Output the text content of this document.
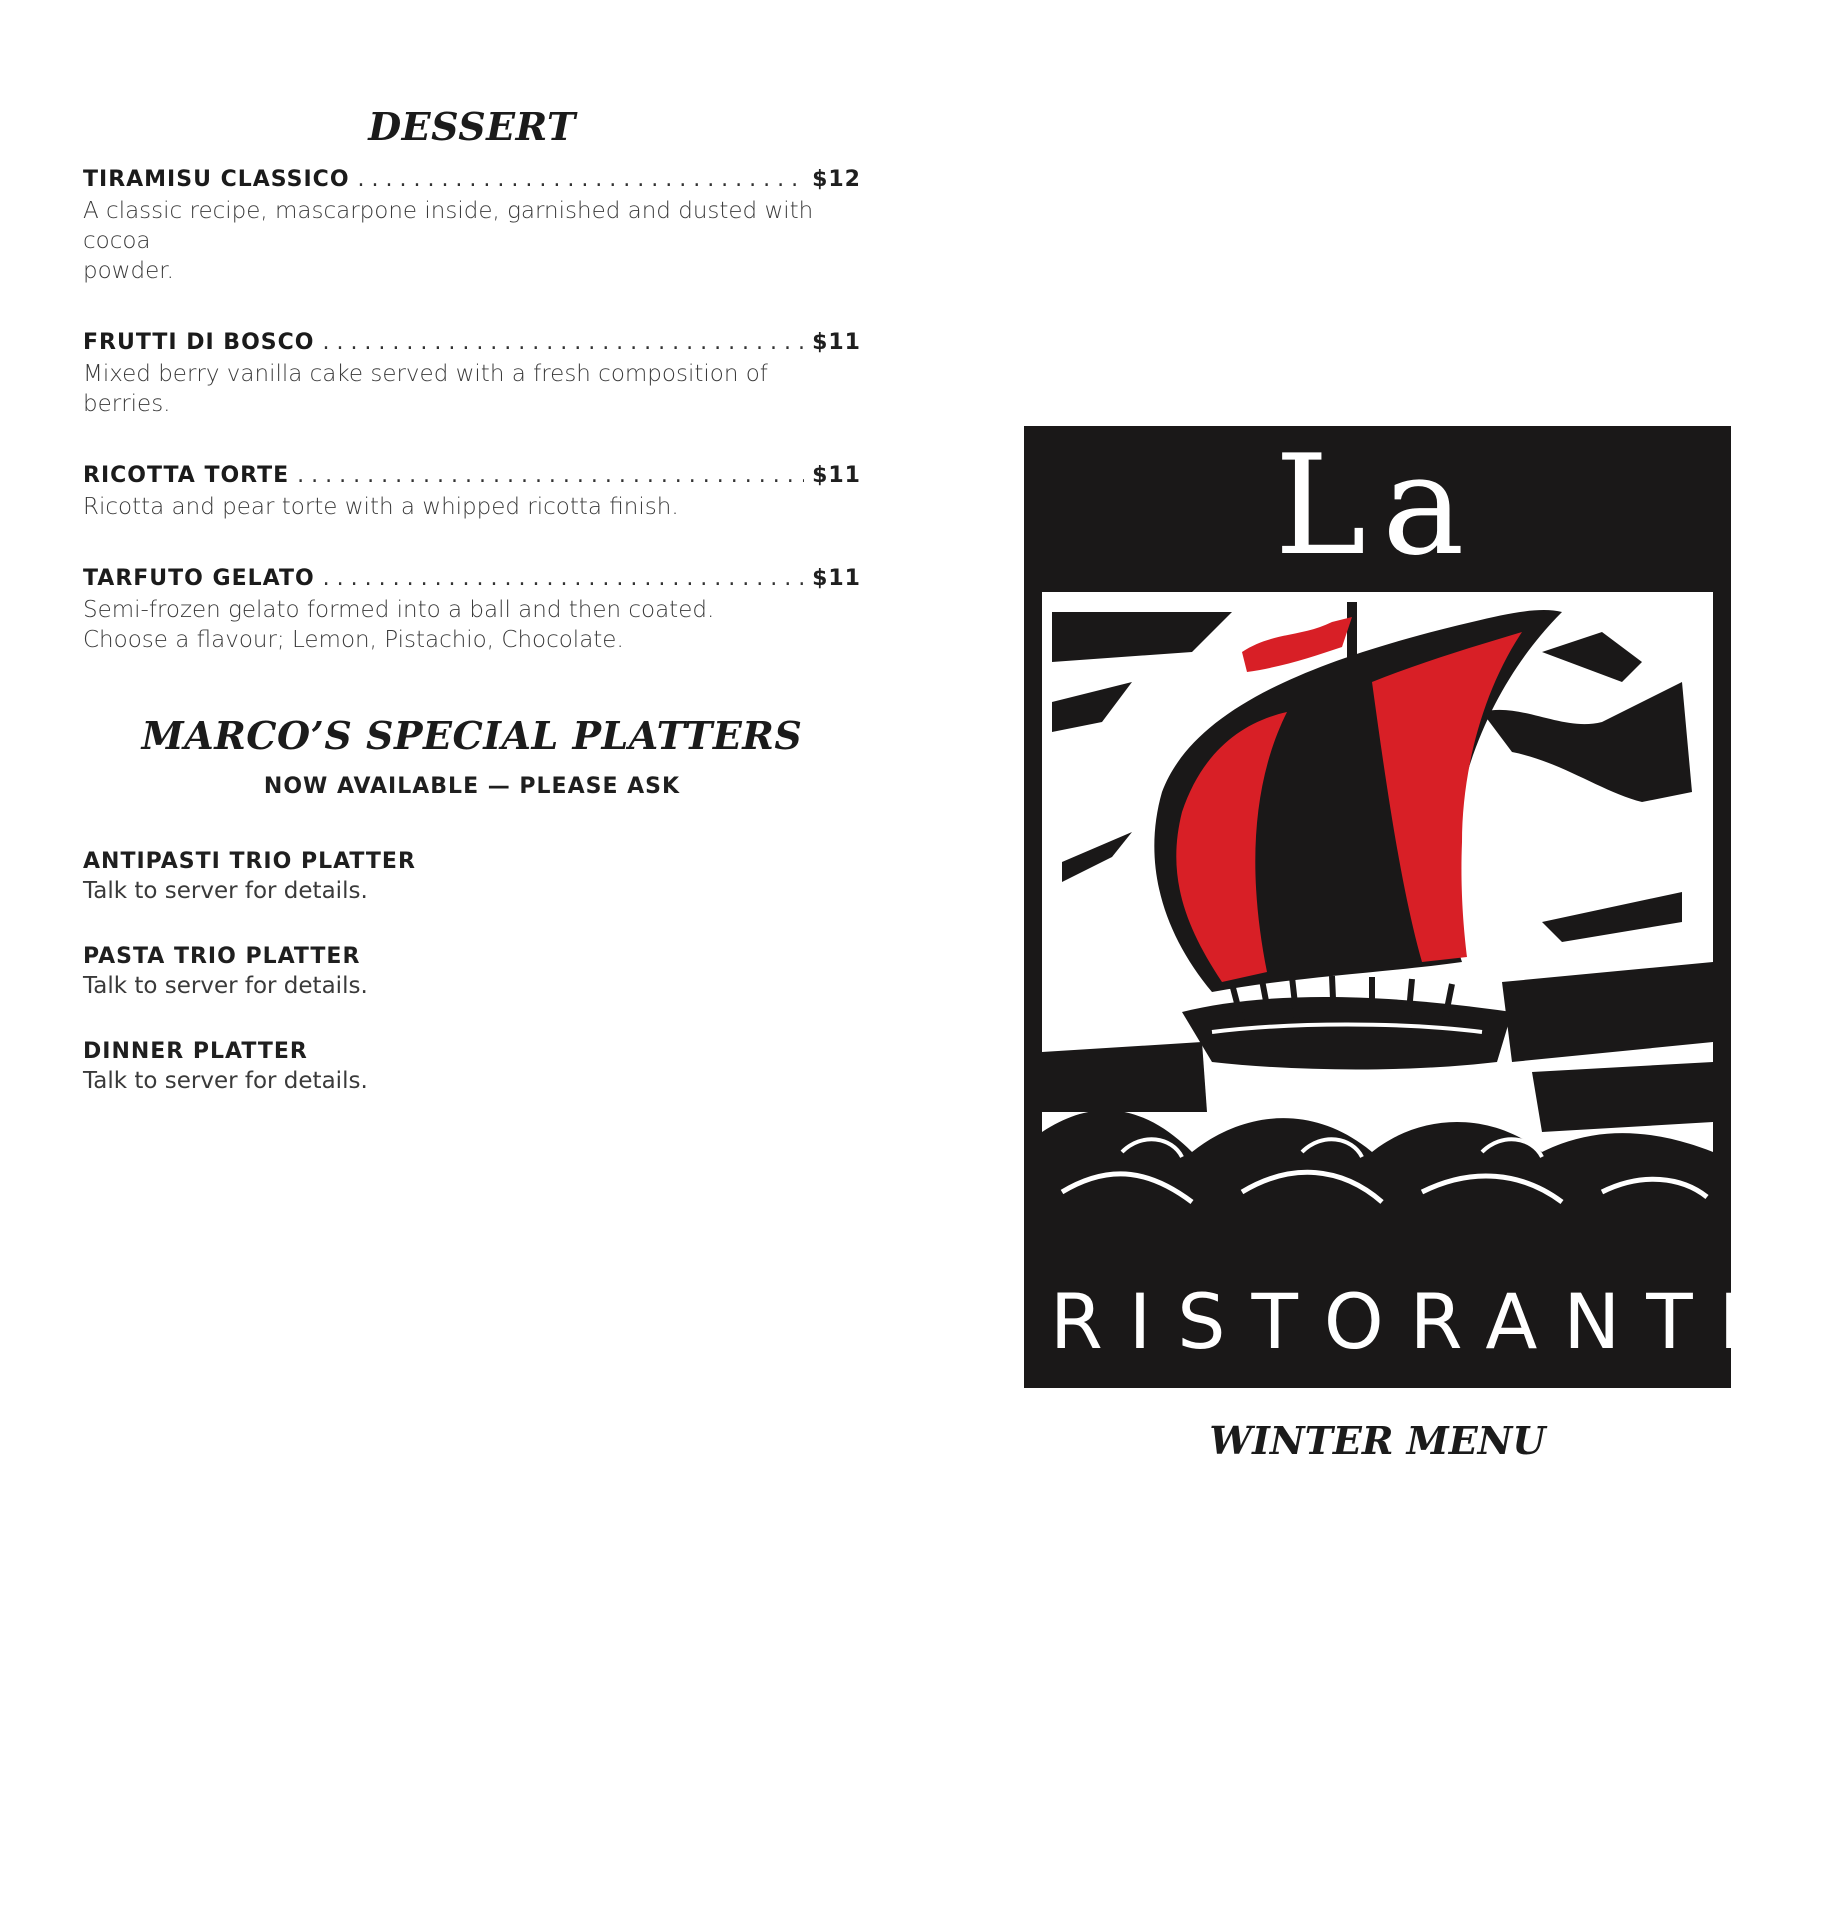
DESSERT
TIRAMISU CLASSICO . . .	$12

A classic recipe, mascarpone inside, garnished and dusted with cocoa
powder.

FRUTTI DI BOSCO . . .	$11

Mixed berry vanilla cake served with a fresh composition of berries.

RICOTTA TORTE . . .	$11

Ricotta and pear torte with a whipped ricotta finish.

TARFUTO GELATO . . .	$11

Semi-frozen gelato formed into a ball and then coated.
Choose a flavour; Lemon, Pistachio, Chocolate.

MARCO’S SPECIAL PLATTERS
NOW AVAILABLE — PLEASE ASK
ANTIPASTI TRIO PLATTER
Talk to server for details.
PASTA TRIO PLATTER
Talk to server for details.
DINNER PLATTER
Talk to server for details.
La
RISTORANTE
WINTER MENU
